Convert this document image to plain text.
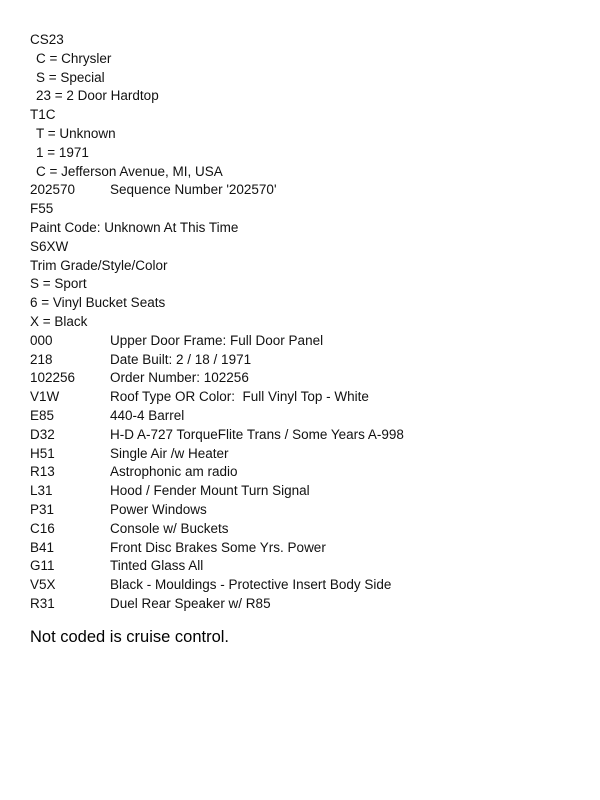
CS23
C = Chrysler
S = Special
23 = 2 Door Hardtop
T1C
T = Unknown
1 = 1971
C = Jefferson Avenue, MI, USA
202570	Sequence Number '202570'
F55
Paint Code: Unknown At This Time
S6XW
Trim Grade/Style/Color
S = Sport
6 = Vinyl Bucket Seats
X = Black
000	Upper Door Frame: Full Door Panel
218	Date Built: 2 / 18 / 1971
102256	Order Number: 102256
V1W	Roof Type OR Color:  Full Vinyl Top - White
E85	440-4 Barrel
D32	H-D A-727 TorqueFlite Trans / Some Years A-998
H51	Single Air /w Heater
R13	Astrophonic am radio
L31	Hood / Fender Mount Turn Signal
P31	Power Windows
C16	Console w/ Buckets
B41	Front Disc Brakes Some Yrs. Power
G11	Tinted Glass All
V5X	Black - Mouldings - Protective Insert Body Side
R31	Duel Rear Speaker w/ R85
Not coded is cruise control.
